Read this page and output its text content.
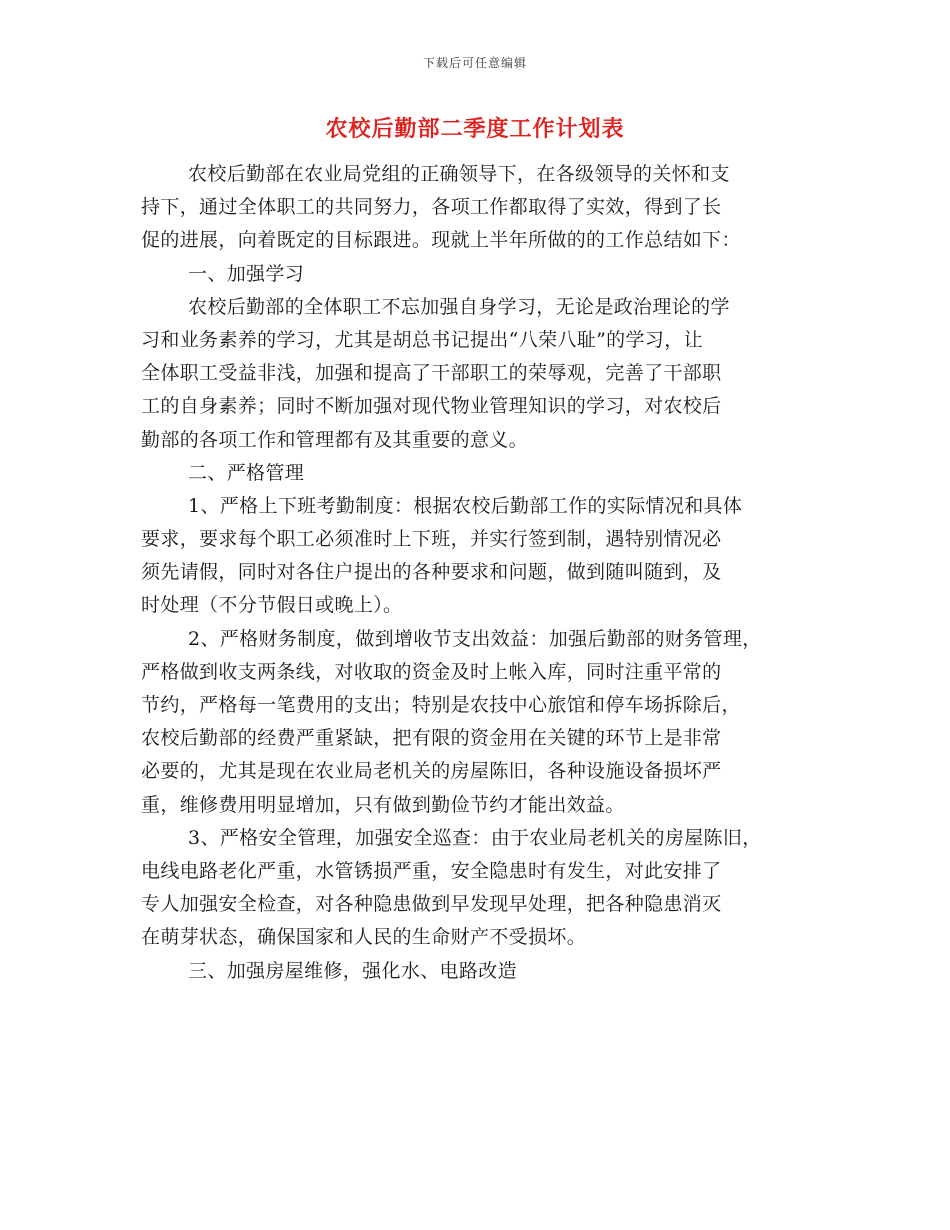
下载后可任意编辑
农校后勤部二季度工作计划表
农校后勤部在农业局党组的正确领导下，在各级领导的关怀和支
持下，通过全体职工的共同努力，各项工作都取得了实效，得到了长
促的进展，向着既定的目标跟进。现就上半年所做的的工作总结如下：
一、加强学习
农校后勤部的全体职工不忘加强自身学习，无论是政治理论的学
习和业务素养的学习，尤其是胡总书记提出“八荣八耻”的学习，让
全体职工受益非浅，加强和提高了干部职工的荣辱观，完善了干部职
工的自身素养；同时不断加强对现代物业管理知识的学习，对农校后
勤部的各项工作和管理都有及其重要的意义。
二、严格管理
1、严格上下班考勤制度：根据农校后勤部工作的实际情况和具体
要求，要求每个职工必须准时上下班，并实行签到制，遇特别情况必
须先请假，同时对各住户提出的各种要求和问题，做到随叫随到，及
时处理（不分节假日或晚上）。
2、严格财务制度，做到增收节支出效益：加强后勤部的财务管理，
严格做到收支两条线，对收取的资金及时上帐入库，同时注重平常的
节约，严格每一笔费用的支出；特别是农技中心旅馆和停车场拆除后，
农校后勤部的经费严重紧缺，把有限的资金用在关键的环节上是非常
必要的，尤其是现在农业局老机关的房屋陈旧，各种设施设备损坏严
重，维修费用明显增加，只有做到勤俭节约才能出效益。
3、严格安全管理，加强安全巡查：由于农业局老机关的房屋陈旧，
电线电路老化严重，水管锈损严重，安全隐患时有发生，对此安排了
专人加强安全检查，对各种隐患做到早发现早处理，把各种隐患消灭
在萌芽状态，确保国家和人民的生命财产不受损坏。
三、加强房屋维修，强化水、电路改造
